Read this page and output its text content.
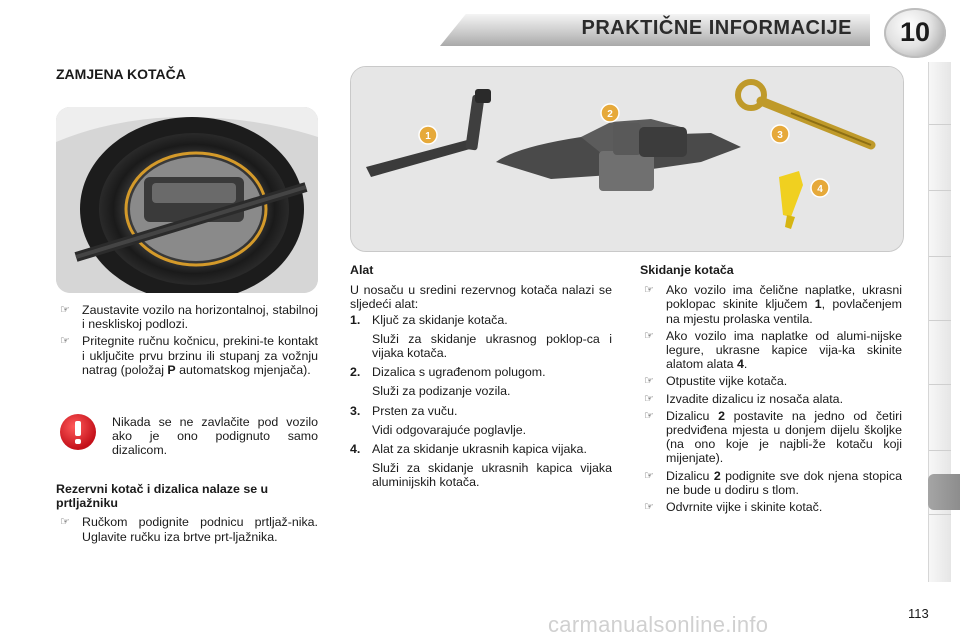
PRAKTIČNE INFORMACIJE	10
ZAMJENA KOTAČA
1
2
3
4

☞ Zaustavite vozilo na horizontalnoj, stabilnoj i neskliskoj podlozi.

☞ Pritegnite ručnu kočnicu, prekini-te kontakt i uključite prvu brzinu ili stupanj za vožnju natrag (položaj P automatskog mjenjača).

Nikada se ne zavlačite pod vozilo ako je ono podignuto samo dizalicom.

Rezervni kotač i dizalica nalaze se u prtljažniku

☞ Ručkom podignite podnicu prtljaž-nika. Uglavite ručku iza brtve prt-ljažnika.

Alat

U nosaču u sredini rezervnog kotača nalazi se sljedeći alat:

1. Ključ za skidanje kotača.

Služi za skidanje ukrasnog poklop-ca i vijaka kotača.

2. Dizalica s ugrađenom polugom.

Služi za podizanje vozila.

3. Prsten za vuču.

Vidi odgovarajuće poglavlje.

4. Alat za skidanje ukrasnih kapica vijaka.

Služi za skidanje ukrasnih kapica vijaka aluminijskih kotača.

Skidanje kotača

☞ Ako vozilo ima čelične naplatke, ukrasni poklopac skinite ključem 1, povlačenjem na mjestu prolaska ventila.

☞ Ako vozilo ima naplatke od alumi-nijske legure, ukrasne kapice vija-ka skinite alatom alata 4.

☞ Otpustite vijke kotača.

☞ Izvadite dizalicu iz nosača alata.

☞ Dizalicu 2 postavite na jedno od četiri predviđena mjesta u donjem dijelu školjke (na ono koje je najbli-že kotaču koji mijenjate).

☞ Dizalicu 2 podignite sve dok njena stopica ne bude u dodiru s tlom.

☞ Odvrnite vijke i skinite kotač.

carmanualsonline.info	113
